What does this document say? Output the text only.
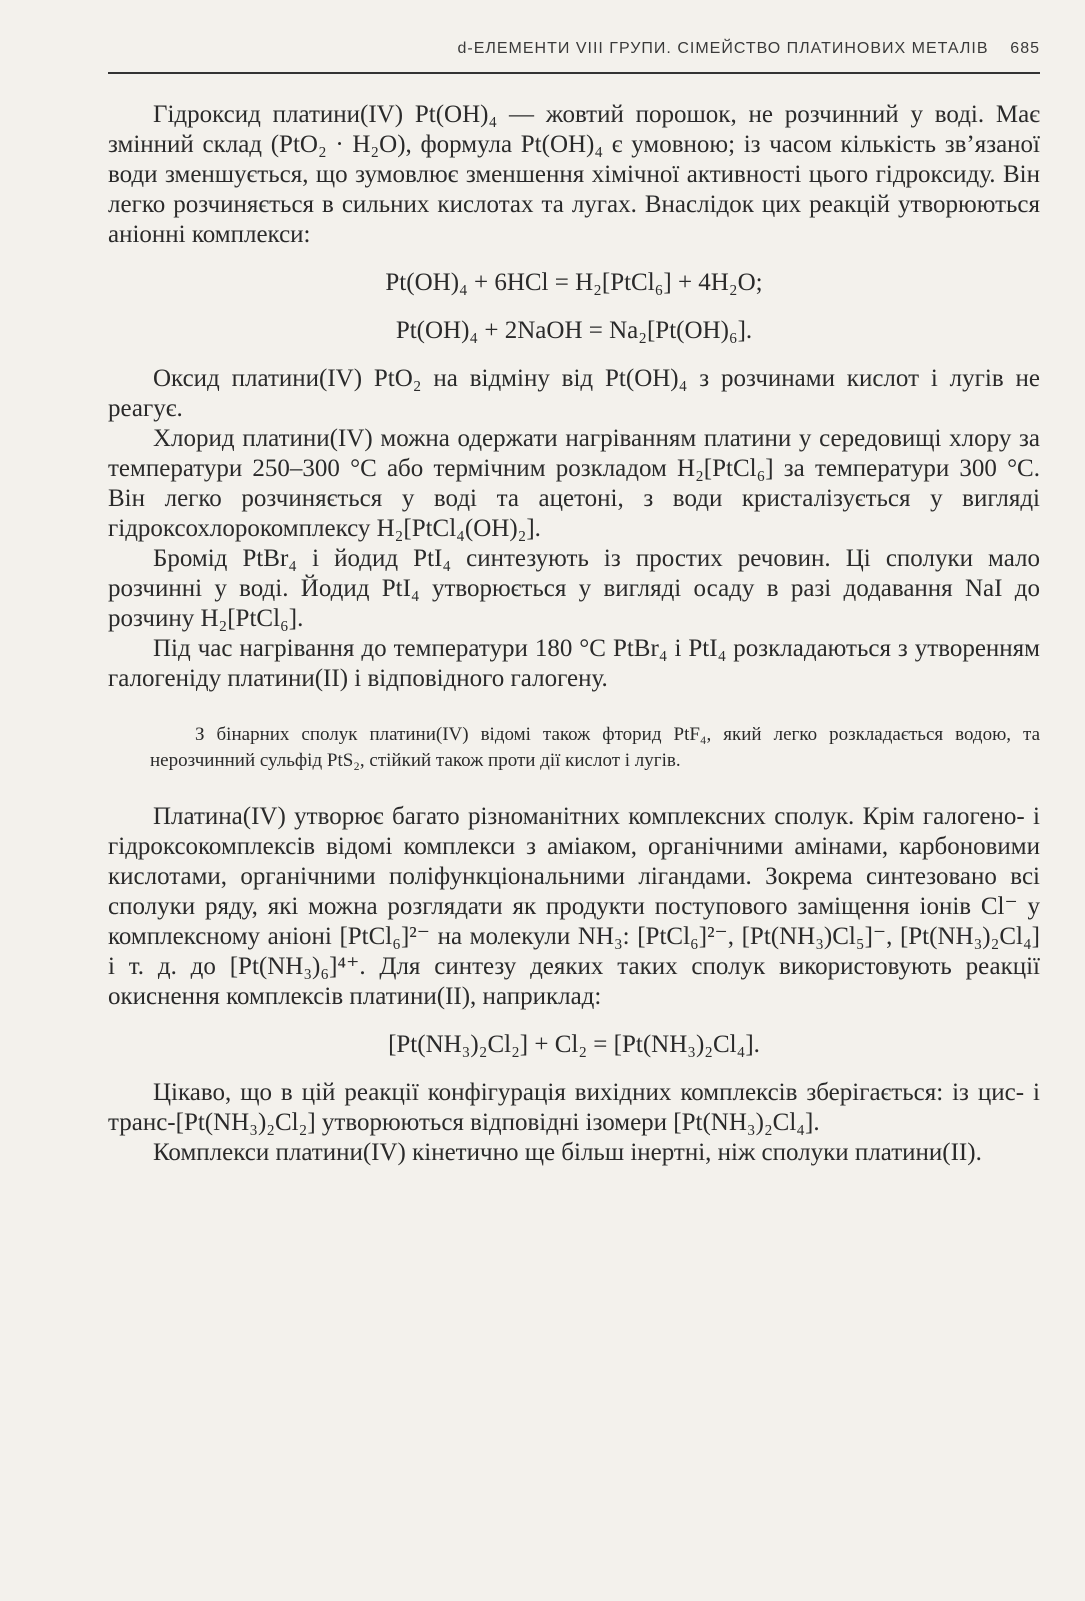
d-ЕЛЕМЕНТИ VIII ГРУПИ. СІМЕЙСТВО ПЛАТИНОВИХ МЕТАЛІВ 685

Гідроксид платини(IV) Pt(OH)₄ — жовтий порошок, не розчинний у воді. Має змінний склад (PtO₂ · H₂O), формула Pt(OH)₄ є умовною; із часом кількість зв’язаної води зменшується, що зумовлює зменшення хімічної активності цього гідроксиду. Він легко розчиняється в сильних кислотах та лугах. Внаслідок цих реакцій утворюються аніонні комплекси:

Pt(OH)₄ + 6HCl = H₂[PtCl₆] + 4H₂O;

Pt(OH)₄ + 2NaOH = Na₂[Pt(OH)₆].

Оксид платини(IV) PtO₂ на відміну від Pt(OH)₄ з розчинами кислот і лугів не реагує.

Хлорид платини(IV) можна одержати нагріванням платини у середовищі хлору за температури 250–300 °C або термічним розкладом H₂[PtCl₆] за температури 300 °C. Він легко розчиняється у воді та ацетоні, з води кристалізується у вигляді гідроксохлорокомплексу H₂[PtCl₄(OH)₂].

Бромід PtBr₄ і йодид PtI₄ синтезують із простих речовин. Ці сполуки мало розчинні у воді. Йодид PtI₄ утворюється у вигляді осаду в разі додавання NaI до розчину H₂[PtCl₆].

Під час нагрівання до температури 180 °C PtBr₄ і PtI₄ розкладаються з утворенням галогеніду платини(II) і відповідного галогену.

З бінарних сполук платини(IV) відомі також фторид PtF₄, який легко розкладається водою, та нерозчинний сульфід PtS₂, стійкий також проти дії кислот і лугів.

Платина(IV) утворює багато різноманітних комплексних сполук. Крім галогено- і гідроксокомплексів відомі комплекси з аміаком, органічними амінами, карбоновими кислотами, органічними поліфункціональними лігандами. Зокрема синтезовано всі сполуки ряду, які можна розглядати як продукти поступового заміщення іонів Cl⁻ у комплексному аніоні [PtCl₆]²⁻ на молекули NH₃: [PtCl₆]²⁻, [Pt(NH₃)Cl₅]⁻, [Pt(NH₃)₂Cl₄] і т. д. до [Pt(NH₃)₆]⁴⁺. Для синтезу деяких таких сполук використовують реакції окиснення комплексів платини(II), наприклад:

[Pt(NH₃)₂Cl₂] + Cl₂ = [Pt(NH₃)₂Cl₄].

Цікаво, що в цій реакції конфігурація вихідних комплексів зберігається: із цис- і транс-[Pt(NH₃)₂Cl₂] утворюються відповідні ізомери [Pt(NH₃)₂Cl₄].

Комплекси платини(IV) кінетично ще більш інертні, ніж сполуки платини(II).
